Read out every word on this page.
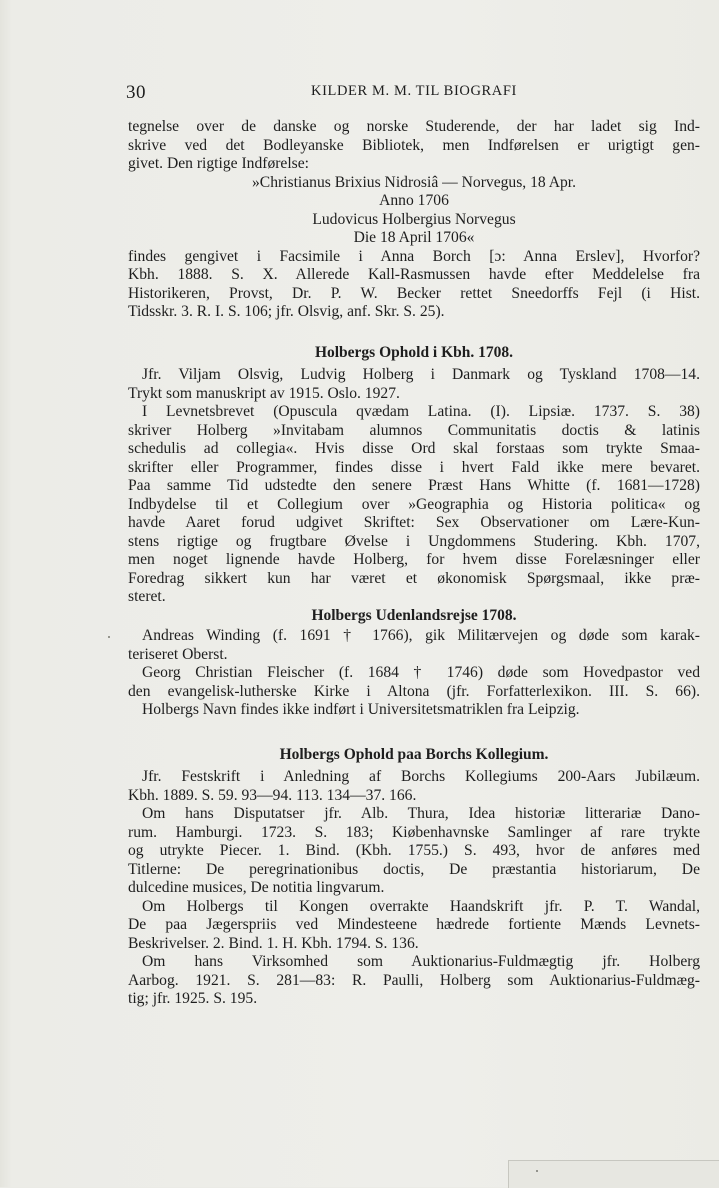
30	KILDER M. M. TIL BIOGRAFI
tegnelse over de danske og norske Studerende, der har ladet sig Ind-
skrive ved det Bodleyanske Bibliotek, men Indførelsen er urigtigt gen-
givet. Den rigtige Indførelse:
»Christianus Brixius Nidrosiâ — Norvegus, 18 Apr.
Anno 1706
Ludovicus Holbergius Norvegus
Die 18 April 1706«
findes gengivet i Facsimile i Anna Borch [ɔ: Anna Erslev], Hvorfor?
Kbh. 1888. S. X. Allerede Kall-Rasmussen havde efter Meddelelse fra
Historikeren, Provst, Dr. P. W. Becker rettet Sneedorffs Fejl (i Hist.
Tidsskr. 3. R. I. S. 106; jfr. Olsvig, anf. Skr. S. 25).
Holbergs Ophold i Kbh. 1708.
Jfr. Viljam Olsvig, Ludvig Holberg i Danmark og Tyskland 1708—14.
Trykt som manuskript av 1915. Oslo. 1927.
I Levnetsbrevet (Opuscula qvædam Latina. (I). Lipsiæ. 1737. S. 38)
skriver Holberg »Invitabam alumnos Communitatis doctis & latinis
schedulis ad collegia«. Hvis disse Ord skal forstaas som trykte Smaa-
skrifter eller Programmer, findes disse i hvert Fald ikke mere bevaret.
Paa samme Tid udstedte den senere Præst Hans Whitte (f. 1681—1728)
Indbydelse til et Collegium over »Geographia og Historia politica« og
havde Aaret forud udgivet Skriftet: Sex Observationer om Lære-Kun-
stens rigtige og frugtbare Øvelse i Ungdommens Studering. Kbh. 1707,
men noget lignende havde Holberg, for hvem disse Forelæsninger eller
Foredrag sikkert kun har været et økonomisk Spørgsmaal, ikke præ-
steret.
Holbergs Udenlandsrejse 1708.
Andreas Winding (f. 1691 † 1766), gik Militærvejen og døde som karak-
teriseret Oberst.
Georg Christian Fleischer (f. 1684 † 1746) døde som Hovedpastor ved
den evangelisk-lutherske Kirke i Altona (jfr. Forfatterlexikon. III. S. 66).
Holbergs Navn findes ikke indført i Universitetsmatriklen fra Leipzig.
Holbergs Ophold paa Borchs Kollegium.
Jfr. Festskrift i Anledning af Borchs Kollegiums 200-Aars Jubilæum.
Kbh. 1889. S. 59. 93—94. 113. 134—37. 166.
Om hans Disputatser jfr. Alb. Thura, Idea historiæ litterariæ Dano-
rum. Hamburgi. 1723. S. 183; Kiøbenhavnske Samlinger af rare trykte
og utrykte Piecer. 1. Bind. (Kbh. 1755.) S. 493, hvor de anføres med
Titlerne: De peregrinationibus doctis, De præstantia historiarum, De
dulcedine musices, De notitia lingvarum.
Om Holbergs til Kongen overrakte Haandskrift jfr. P. T. Wandal,
De paa Jægerspriis ved Mindesteene hædrede fortiente Mænds Levnets-
Beskrivelser. 2. Bind. 1. H. Kbh. 1794. S. 136.
Om hans Virksomhed som Auktionarius-Fuldmægtig jfr. Holberg
Aarbog. 1921. S. 281—83: R. Paulli, Holberg som Auktionarius-Fuldmæg-
tig; jfr. 1925. S. 195.
